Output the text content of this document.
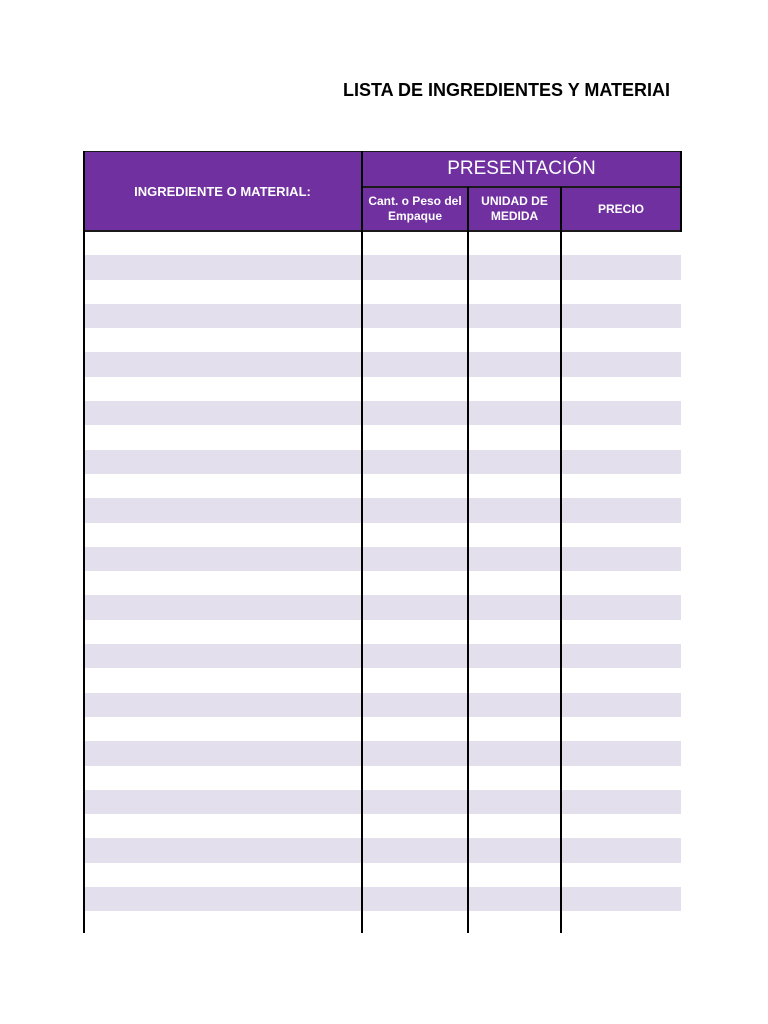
LISTA DE INGREDIENTES Y MATERIAI
INGREDIENTE O MATERIAL:
PRESENTACIÓN
Cant. o Peso del Empaque
UNIDAD DE MEDIDA	PRECIO
